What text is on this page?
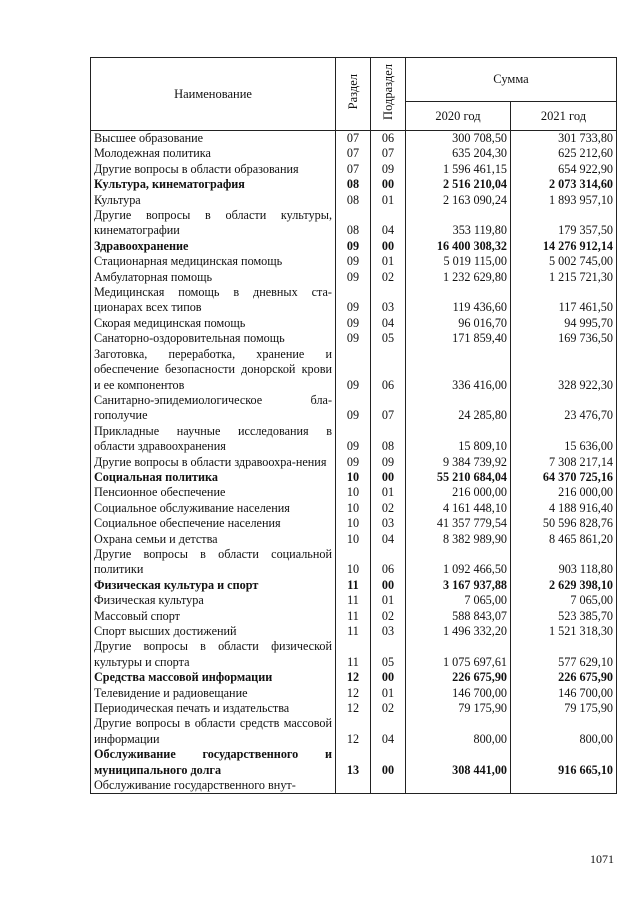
Наименование	Раздел	Подраздел	Сумма	
			2020 год	2021 год
Высшее образование	07	06	300 708,50	301 733,80
Молодежная политика	07	07	635 204,30	625 212,60
Другие вопросы в области образования	07	09	1 596 461,15	654 922,90
Культура, кинематография	08	00	2 516 210,04	2 073 314,60
Культура	08	01	2 163 090,24	1 893 957,10
Другие вопросы в области культуры, кинематографии	08	04	353 119,80	179 357,50
Здравоохранение	09	00	16 400 308,32	14 276 912,14
Стационарная медицинская помощь	09	01	5 019 115,00	5 002 745,00
Амбулаторная помощь	09	02	1 232 629,80	1 215 721,30
Медицинская помощь в дневных ста-ционарах всех типов	09	03	119 436,60	117 461,50
Скорая медицинская помощь	09	04	96 016,70	94 995,70
Санаторно-оздоровительная помощь	09	05	171 859,40	169 736,50
Заготовка, переработка, хранение и обеспечение безопасности донорской крови и ее компонентов	09	06	336 416,00	328 922,30
Санитарно-эпидемиологическое бла-гополучие	09	07	24 285,80	23 476,70
Прикладные научные исследования в области здравоохранения	09	08	15 809,10	15 636,00
Другие вопросы в области здравоохра-нения	09	09	9 384 739,92	7 308 217,14
Социальная политика	10	00	55 210 684,04	64 370 725,16
Пенсионное обеспечение	10	01	216 000,00	216 000,00
Социальное обслуживание населения	10	02	4 161 448,10	4 188 916,40
Социальное обеспечение населения	10	03	41 357 779,54	50 596 828,76
Охрана семьи и детства	10	04	8 382 989,90	8 465 861,20
Другие вопросы в области социальной политики	10	06	1 092 466,50	903 118,80
Физическая культура и спорт	11	00	3 167 937,88	2 629 398,10
Физическая культура	11	01	7 065,00	7 065,00
Массовый спорт	11	02	588 843,07	523 385,70
Спорт высших достижений	11	03	1 496 332,20	1 521 318,30
Другие вопросы в области физической культуры и спорта	11	05	1 075 697,61	577 629,10
Средства массовой информации	12	00	226 675,90	226 675,90
Телевидение и радиовещание	12	01	146 700,00	146 700,00
Периодическая печать и издательства	12	02	79 175,90	79 175,90
Другие вопросы в области средств массовой информации	12	04	800,00	800,00
Обслуживание государственного и муниципального долга	13	00	308 441,00	916 665,10
Обслуживание государственного внут-				
1071
